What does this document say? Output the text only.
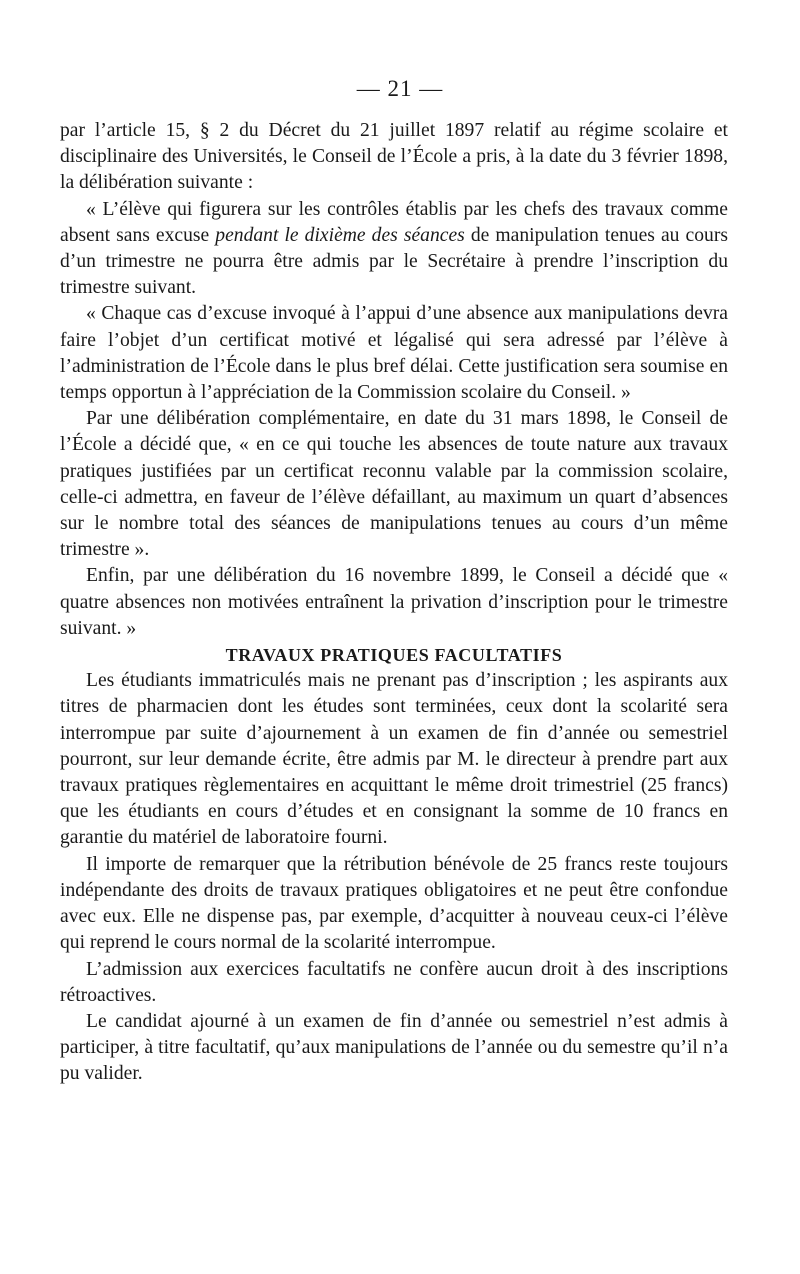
— 21 —

par l’article 15, § 2 du Décret du 21 juillet 1897 relatif au régime scolaire et disciplinaire des Universités, le Conseil de l’École a pris, à la date du 3 février 1898, la délibération suivante :

« L’élève qui figurera sur les contrôles établis par les chefs des travaux comme absent sans excuse pendant le dixième des séances de manipulation tenues au cours d’un trimestre ne pourra être admis par le Secrétaire à prendre l’inscription du trimestre suivant.

« Chaque cas d’excuse invoqué à l’appui d’une absence aux manipulations devra faire l’objet d’un certificat motivé et légalisé qui sera adressé par l’élève à l’administration de l’École dans le plus bref délai. Cette justification sera soumise en temps opportun à l’appréciation de la Commission scolaire du Conseil. »

Par une délibération complémentaire, en date du 31 mars 1898, le Conseil de l’École a décidé que, « en ce qui touche les absences de toute nature aux travaux pratiques justifiées par un certificat reconnu valable par la commission scolaire, celle-ci admettra, en faveur de l’élève défaillant, au maximum un quart d’absences sur le nombre total des séances de manipulations tenues au cours d’un même trimestre ».

Enfin, par une délibération du 16 novembre 1899, le Conseil a décidé que « quatre absences non motivées entraînent la privation d’inscription pour le trimestre suivant. »

TRAVAUX PRATIQUES FACULTATIFS

Les étudiants immatriculés mais ne prenant pas d’inscription ; les aspirants aux titres de pharmacien dont les études sont terminées, ceux dont la scolarité sera interrompue par suite d’ajournement à un examen de fin d’année ou semestriel pourront, sur leur demande écrite, être admis par M. le directeur à prendre part aux travaux pratiques règlementaires en acquittant le même droit trimestriel (25 francs) que les étudiants en cours d’études et en consignant la somme de 10 francs en garantie du matériel de laboratoire fourni.

Il importe de remarquer que la rétribution bénévole de 25 francs reste toujours indépendante des droits de travaux pratiques obligatoires et ne peut être confondue avec eux. Elle ne dispense pas, par exemple, d’acquitter à nouveau ceux-ci l’élève qui reprend le cours normal de la scolarité interrompue.

L’admission aux exercices facultatifs ne confère aucun droit à des inscriptions rétroactives.

Le candidat ajourné à un examen de fin d’année ou semestriel n’est admis à participer, à titre facultatif, qu’aux manipulations de l’année ou du semestre qu’il n’a pu valider.
